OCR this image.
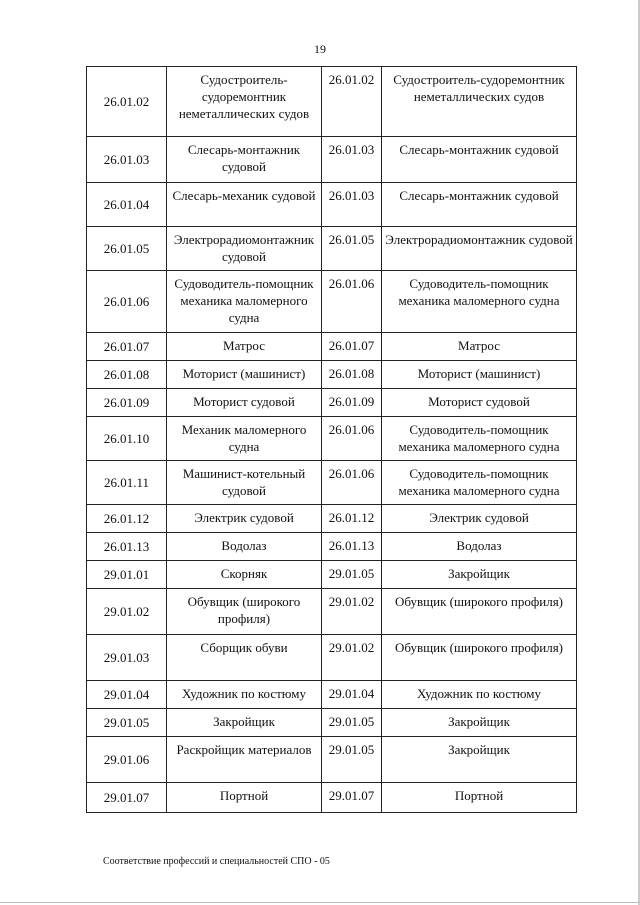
19
26.01.02	Судостроитель-судоремонтник неметаллических судов	26.01.02	Судостроитель-судоремонтник неметаллических судов
26.01.03	Слесарь-монтажник судовой	26.01.03	Слесарь-монтажник судовой
26.01.04	Слесарь-механик судовой	26.01.03	Слесарь-монтажник судовой
26.01.05	Электрорадиомонтажник судовой	26.01.05	Электрорадиомонтажник судовой
26.01.06	Судоводитель-помощник механика маломерного судна	26.01.06	Судоводитель-помощник механика маломерного судна
26.01.07	Матрос	26.01.07	Матрос
26.01.08	Моторист (машинист)	26.01.08	Моторист (машинист)
26.01.09	Моторист судовой	26.01.09	Моторист судовой
26.01.10	Механик маломерного судна	26.01.06	Судоводитель-помощник механика маломерного судна
26.01.11	Машинист-котельный судовой	26.01.06	Судоводитель-помощник механика маломерного судна
26.01.12	Электрик судовой	26.01.12	Электрик судовой
26.01.13	Водолаз	26.01.13	Водолаз
29.01.01	Скорняк	29.01.05	Закройщик
29.01.02	Обувщик (широкого профиля)	29.01.02	Обувщик (широкого профиля)
29.01.03	Сборщик обуви	29.01.02	Обувщик (широкого профиля)
29.01.04	Художник по костюму	29.01.04	Художник по костюму
29.01.05	Закройщик	29.01.05	Закройщик
29.01.06	Раскройщик материалов	29.01.05	Закройщик
29.01.07	Портной	29.01.07	Портной
Соответствие профессий и специальностей СПО - 05
